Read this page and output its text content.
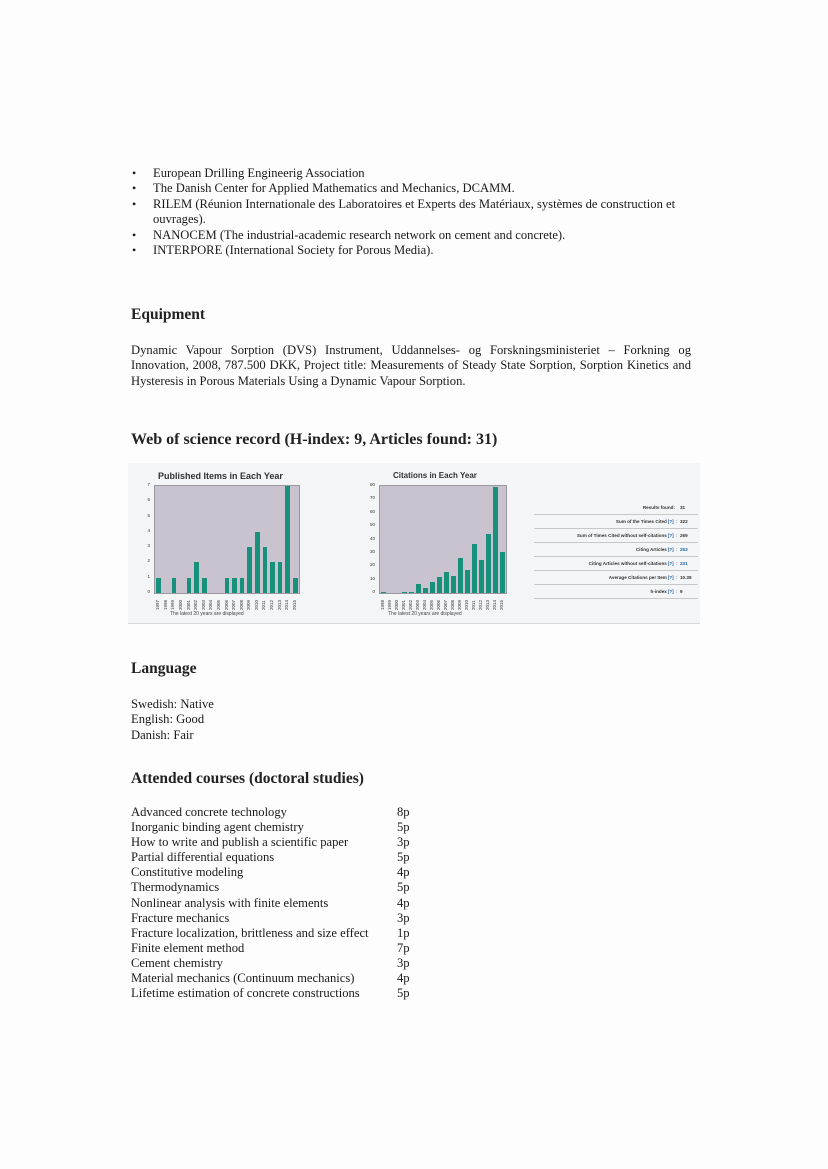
• European Drilling Engineerig Association
• The Danish Center for Applied Mathematics and Mechanics, DCAMM.
• RILEM (Réunion Internationale des Laboratoires et Experts des Matériaux, systèmes de construction et ouvrages).
• NANOCEM (The industrial-academic research network on cement and concrete).
• INTERPORE (International Society for Porous Media).
Equipment
Dynamic Vapour Sorption (DVS) Instrument, Uddannelses- og Forskningsministeriet – Forkning og Innovation, 2008, 787.500 DKK, Project title: Measurements of Steady State Sorption, Sorption Kinetics and Hysteresis in Porous Materials Using a Dynamic Vapour Sorption.
Web of science record (H-index: 9, Articles found: 31)
Published Items in Each Year
1997 1998 1999 2000 2001 2002 2003 2004 2005 2006 2007 2008 2009 2010 2011 2012 2013 2014 2015
0
1
2
3
4
5
6
7
The latest 20 years are displayed
Citations in Each Year
1998 1999 2000 2001 2002 2003 2004 2005 2006 2007 2008 2009 2010 2011 2012 2013 2014 2015
0
10
20
30
40
50
60
70
80
The latest 20 years are displayed
Results found: 31
Sum of the Times Cited [?] : 322
Sum of Times Cited without self-citations [?] : 269
Citing Articles [?] : 253
Citing Articles without self-citations [?] : 231
Average Citations per Item [?] : 10.39
h-index [?] : 9
Language
Swedish: Native
English: Good
Danish: Fair
Attended courses (doctoral studies)
Advanced concrete technology	8p
Inorganic binding agent chemistry	5p
How to write and publish a scientific paper	3p
Partial differential equations	5p
Constitutive modeling	4p
Thermodynamics	5p
Nonlinear analysis with finite elements	4p
Fracture mechanics	3p
Fracture localization, brittleness and size effect	1p
Finite element method	7p
Cement chemistry	3p
Material mechanics (Continuum mechanics)	4p
Lifetime estimation of concrete constructions	5p
